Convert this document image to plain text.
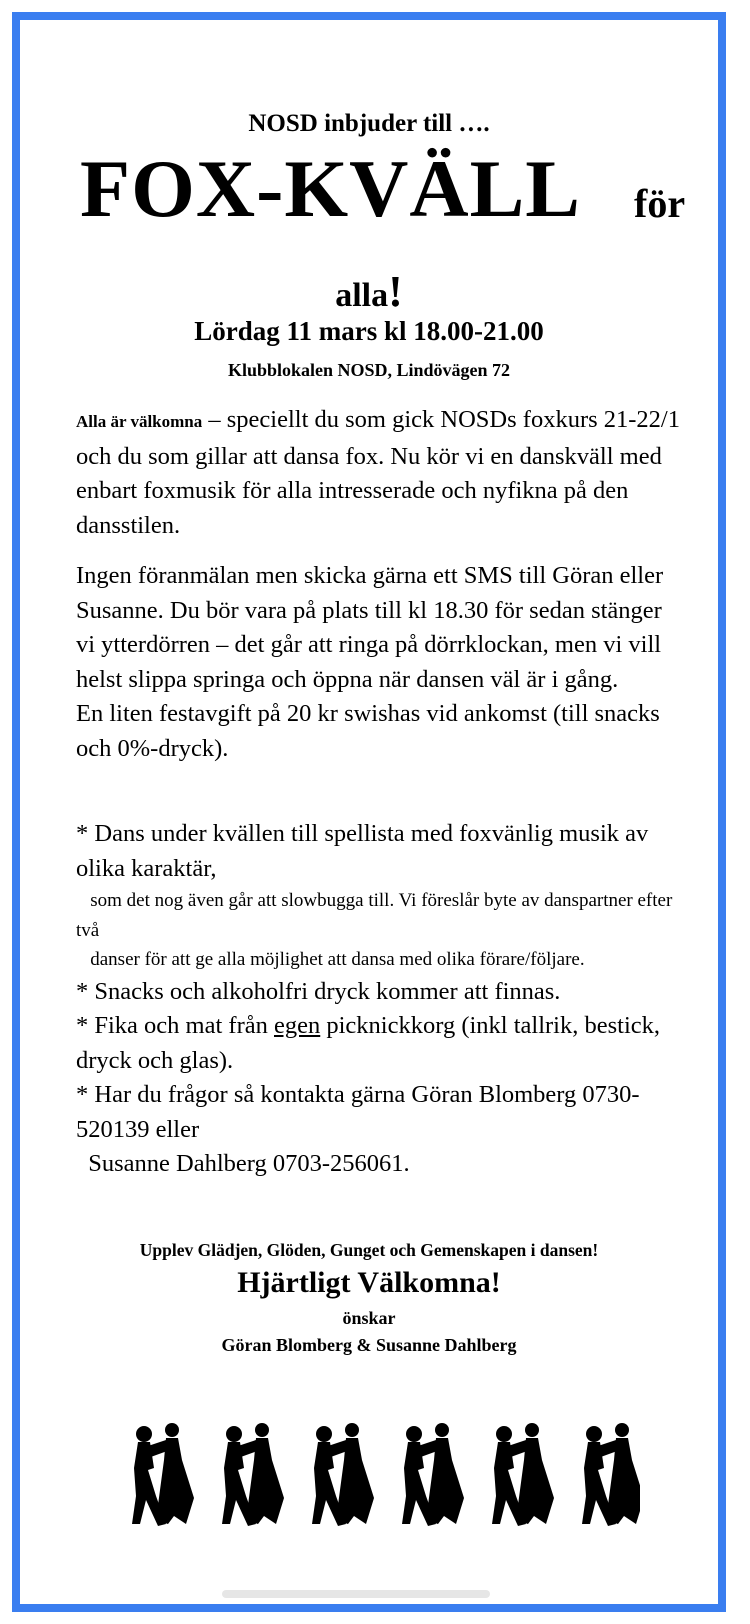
NOSD inbjuder till ….
FOX-KVÄLL för
alla!
Lördag 11 mars kl 18.00-21.00
Klubblokalen NOSD, Lindövägen 72
Alla är välkomna – speciellt du som gick NOSDs foxkurs 21-22/1 och du som gillar att dansa fox. Nu kör vi en danskväll med enbart foxmusik för alla intresserade och nyfikna på den dansstilen.
Ingen föranmälan men skicka gärna ett SMS till Göran eller Susanne. Du bör vara på plats till kl 18.30 för sedan stänger vi ytterdörren – det går att ringa på dörrklockan, men vi vill helst slippa springa och öppna när dansen väl är i gång.
En liten festavgift på 20 kr swishas vid ankomst (till snacks och 0%-dryck).
* Dans under kvällen till spellista med foxvänlig musik av olika karaktär,
som det nog även går att slowbugga till. Vi föreslår byte av danspartner efter två
danser för att ge alla möjlighet att dansa med olika förare/följare.
* Snacks och alkoholfri dryck kommer att finnas.
* Fika och mat från egen picknickkorg (inkl tallrik, bestick, dryck och glas).
* Har du frågor så kontakta gärna Göran Blomberg 0730-520139 eller
Susanne Dahlberg 0703-256061.
Upplev Glädjen, Glöden, Gunget och Gemenskapen i dansen!
Hjärtligt Välkomna!
önskar
Göran Blomberg & Susanne Dahlberg
